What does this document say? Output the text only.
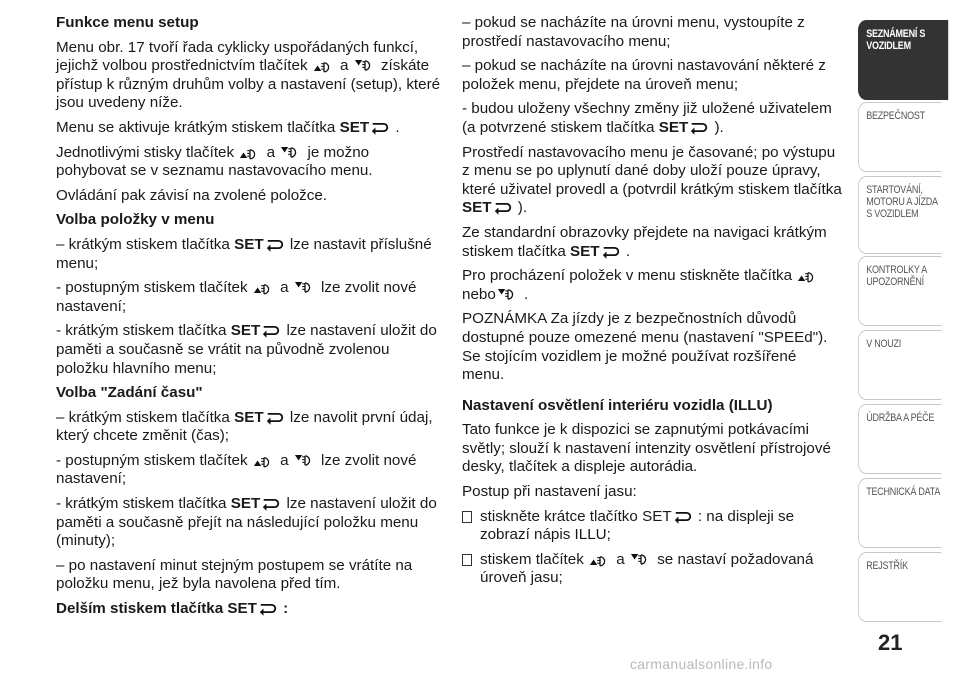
Funkce menu setup

Menu obr. 17 tvoří řada cyklicky uspořádaných funkcí, jejichž volbou prostřednictvím tlačítek a získáte přístup k různým druhům volby a nastavení (setup), které jsou uvedeny níže.

Menu se aktivuje krátkým stiskem tlačítka SET .

Jednotlivými stisky tlačítek a je možno pohybovat se v seznamu nastavovacího menu.

Ovládání pak závisí na zvolené položce.

Volba položky v menu

– krátkým stiskem tlačítka SET lze nastavit příslušné menu;

- postupným stiskem tlačítek a lze zvolit nové nastavení;

- krátkým stiskem tlačítka SET lze nastavení uložit do paměti a současně se vrátit na původně zvolenou položku hlavního menu;

Volba "Zadání času"

– krátkým stiskem tlačítka SET lze navolit první údaj, který chcete změnit (čas);

- postupným stiskem tlačítek a lze zvolit nové nastavení;

- krátkým stiskem tlačítka SET lze nastavení uložit do paměti a současně přejít na následující položku menu (minuty);

– po nastavení minut stejným postupem se vrátíte na položku menu, jež byla navolena před tím.

Delším stiskem tlačítka SET :

– pokud se nacházíte na úrovni menu, vystoupíte z prostředí nastavovacího menu;

– pokud se nacházíte na úrovni nastavování některé z položek menu, přejdete na úroveň menu;

- budou uloženy všechny změny již uložené uživatelem (a potvrzené stiskem tlačítka SET ).

Prostředí nastavovacího menu je časované; po výstupu z menu se po uplynutí dané doby uloží pouze úpravy, které uživatel provedl a (potvrdil krátkým stiskem tlačítka SET ).

Ze standardní obrazovky přejdete na navigaci krátkým stiskem tlačítka SET .

Pro procházení položek v menu stiskněte tlačítka  nebo .

POZNÁMKA Za jízdy je z bezpečnostních důvodů dostupné pouze omezené menu (nastavení "SPEEd"). Se stojícím vozidlem je možné používat rozšířené menu.

Nastavení osvětlení interiéru vozidla (ILLU)

Tato funkce je k dispozici se zapnutými potkávacími světly; slouží k nastavení intenzity osvětlení přístrojové desky, tlačítek a displeje autorádia.

Postup při nastavení jasu:

stiskněte krátce tlačítko SET : na displeji se zobrazí nápis ILLU;
stiskem tlačítek a se nastaví požadovaná úroveň jasu;
SEZNÁMENÍ S VOZIDLEM
BEZPEČNOST
STARTOVÁNÍ, MOTORU A JÍZDA S VOZIDLEM
KONTROLKY A UPOZORNĚNÍ
V NOUZI
ÚDRŽBA A PÉČE
TECHNICKÁ DATA
REJSTŘÍK
21
carmanualsonline.info
